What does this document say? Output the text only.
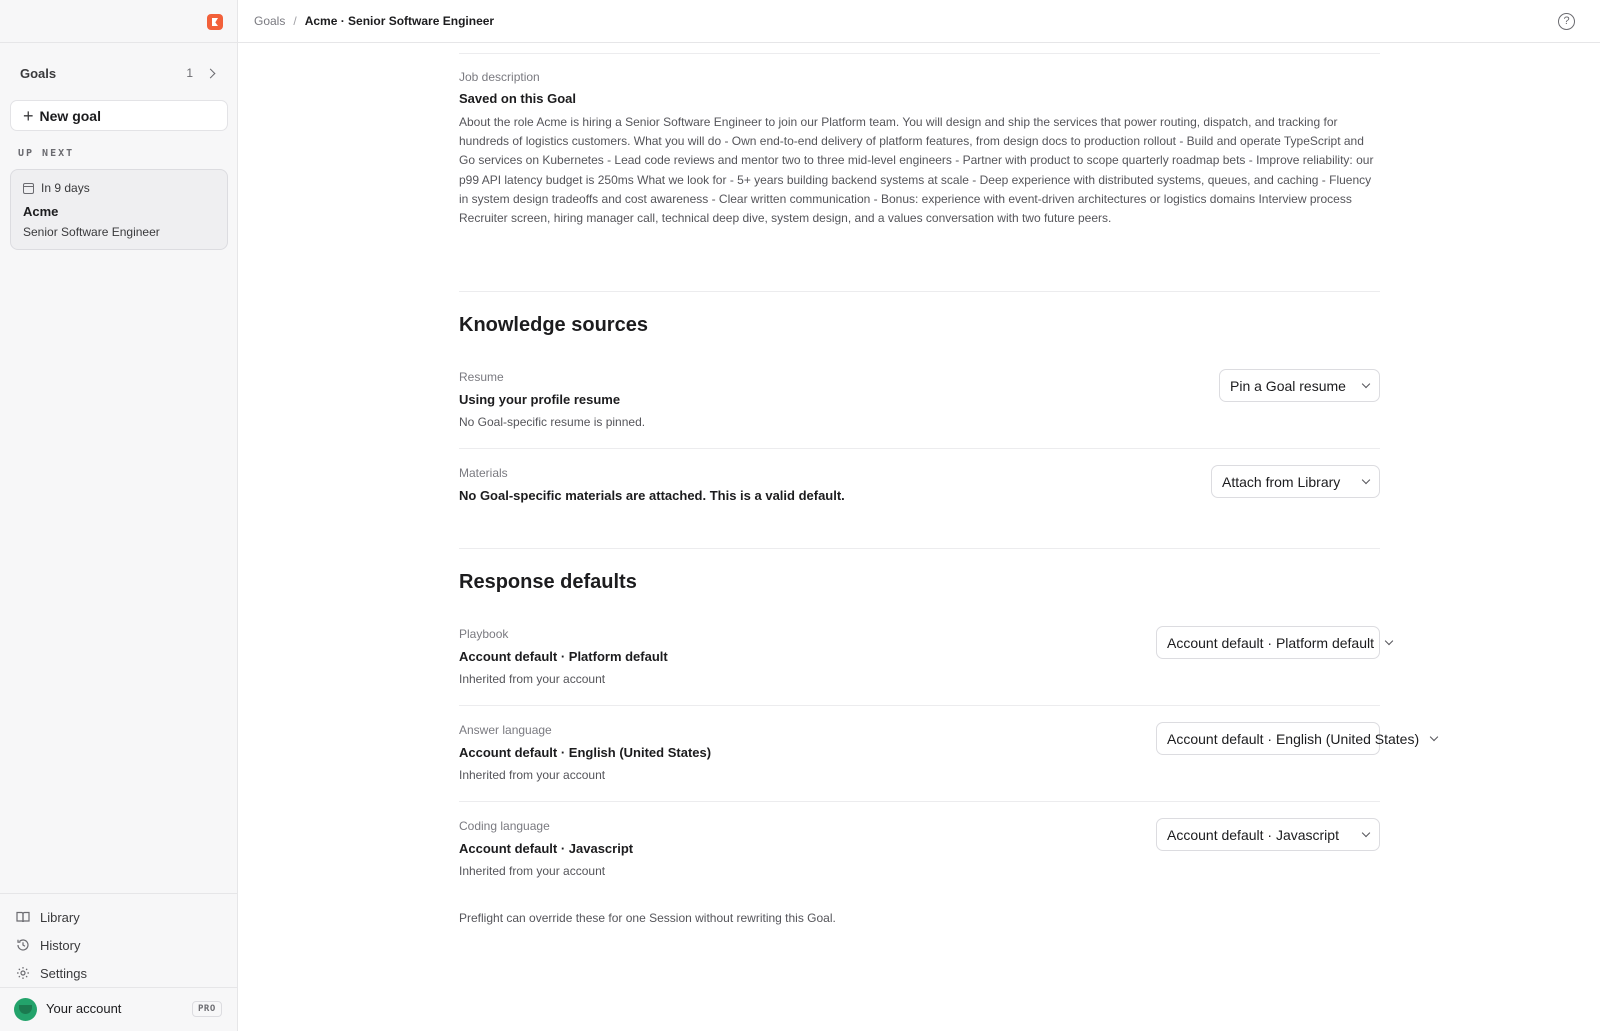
Goals	1
+ New goal
UP NEXT
In 9 days
Acme
Senior Software Engineer
Library
History
Settings
Your account	PRO
Goals / Acme · Senior Software Engineer	?
Job description
Saved on this Goal
About the role Acme is hiring a Senior Software Engineer to join our Platform team. You will design and ship the services that power routing, dispatch, and tracking for hundreds of logistics customers. What you will do - Own end-to-end delivery of platform features, from design docs to production rollout - Build and operate TypeScript and Go services on Kubernetes - Lead code reviews and mentor two to three mid-level engineers - Partner with product to scope quarterly roadmap bets - Improve reliability: our p99 API latency budget is 250ms What we look for - 5+ years building backend systems at scale - Deep experience with distributed systems, queues, and caching - Fluency in system design tradeoffs and cost awareness - Clear written communication - Bonus: experience with event-driven architectures or logistics domains Interview process Recruiter screen, hiring manager call, technical deep dive, system design, and a values conversation with two future peers.
Knowledge sources
Resume
Using your profile resume
No Goal-specific resume is pinned.
Pin a Goal resume
Materials
No Goal-specific materials are attached. This is a valid default.
Attach from Library
Response defaults
Playbook
Account default · Platform default
Inherited from your account
Account default · Platform default
Answer language
Account default · English (United States)
Inherited from your account
Account default · English (United States)
Coding language
Account default · Javascript
Inherited from your account
Account default · Javascript
Preflight can override these for one Session without rewriting this Goal.
